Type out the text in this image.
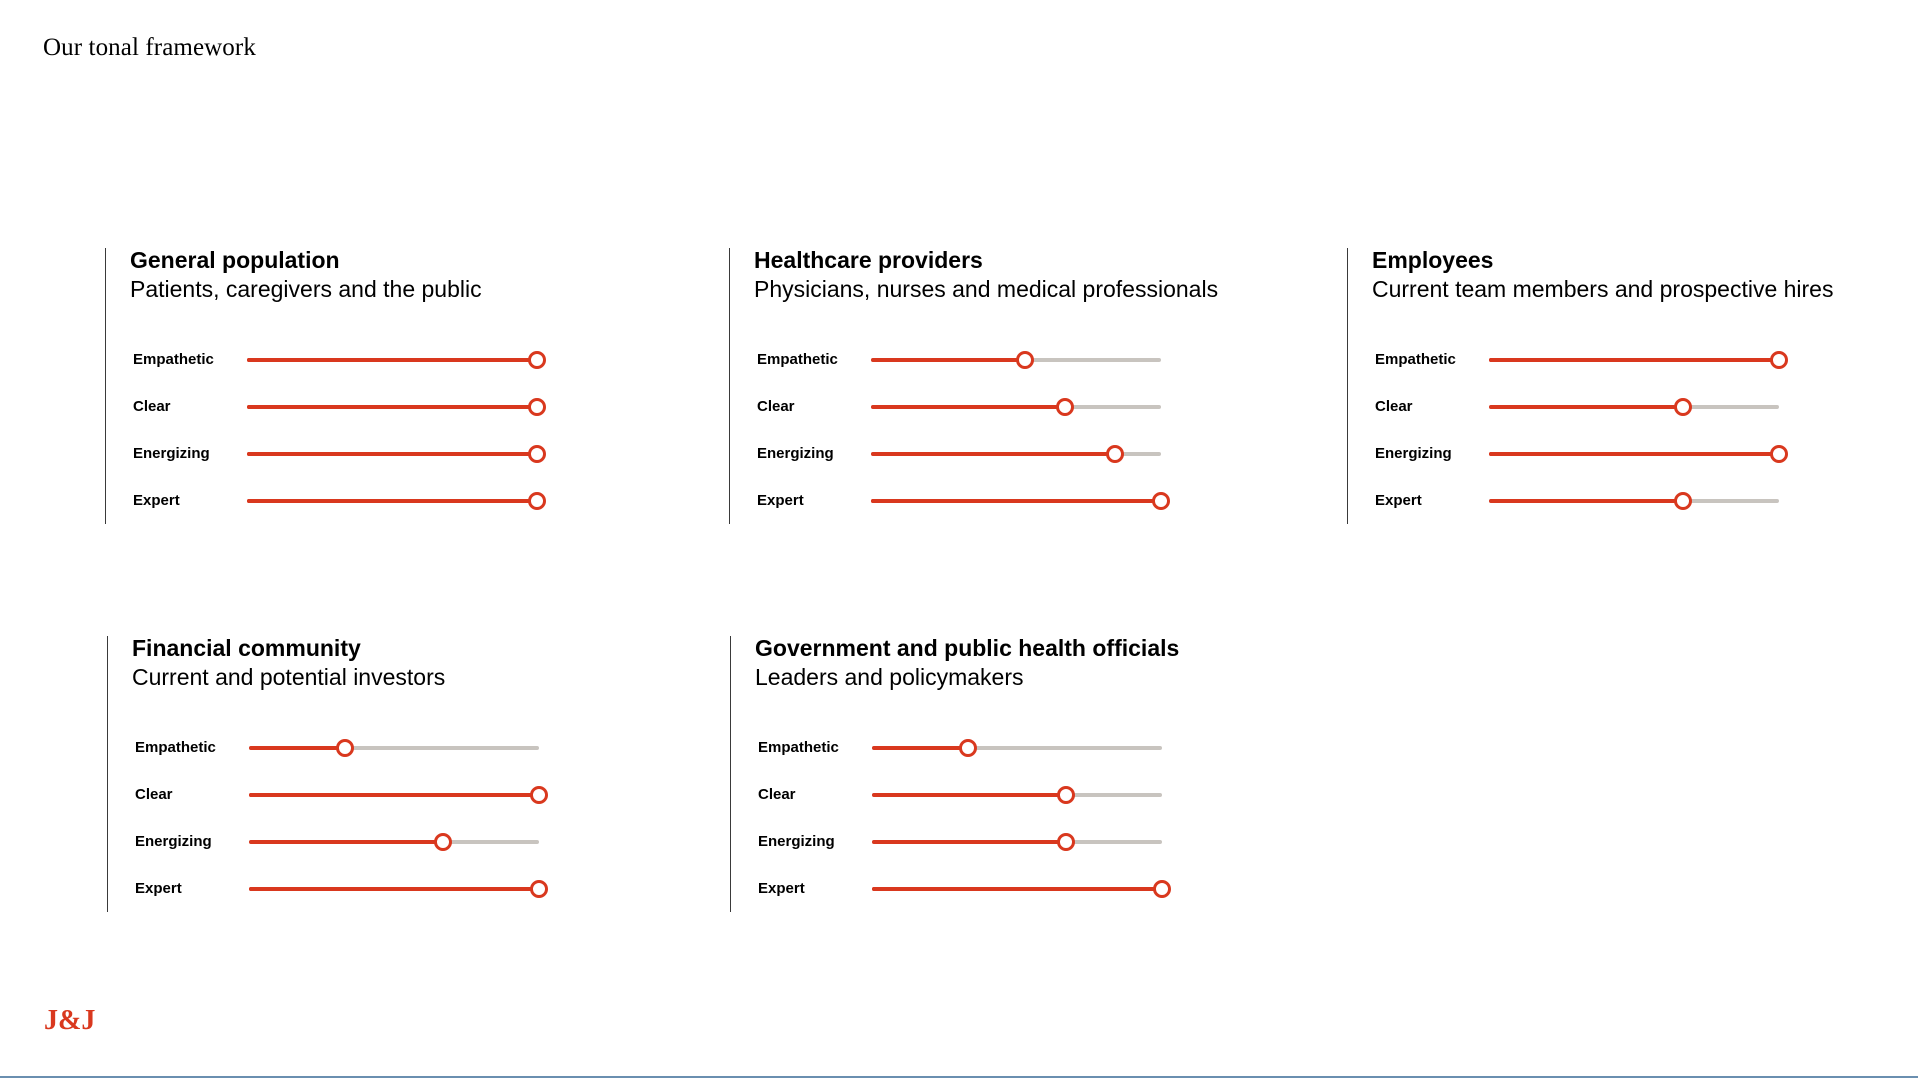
Our tonal framework
General population
Patients, caregivers and the public
Empathetic
Clear
Energizing
Expert
Healthcare providers
Physicians, nurses and medical professionals
Empathetic
Clear
Energizing
Expert
Employees
Current team members and prospective hires
Empathetic
Clear
Energizing
Expert
Financial community
Current and potential investors
Empathetic
Clear
Energizing
Expert
Government and public health officials
Leaders and policymakers
Empathetic
Clear
Energizing
Expert
J&J
